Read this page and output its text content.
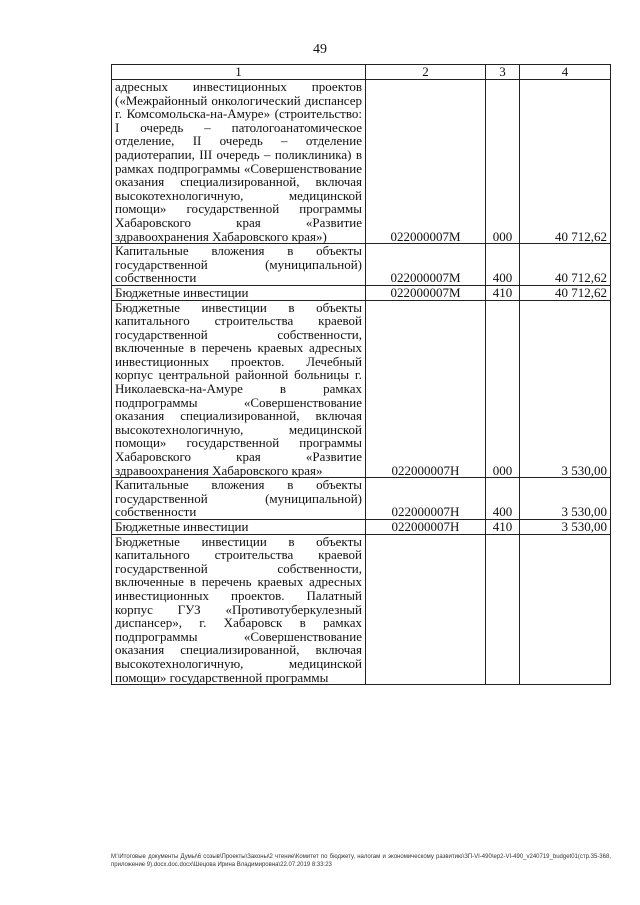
49
1	2	3	4
адресных инвестиционных проектов («Межрайонный онкологический диспансер г. Комсомольска-на-Амуре» (строительство: I очередь – патологоанатомическое отделение, II очередь – отделение радиотерапии, III очередь – поликлиника) в рамках подпрограммы «Совершенствование оказания специализированной, включая высокотехнологичную, медицинской помощи» государственной программы Хабаровского края «Развитие здравоохранения Хабаровского края»)	022000007М	000	40 712,62
Капитальные вложения в объекты государственной (муниципальной) собственности	022000007М	400	40 712,62
Бюджетные инвестиции	022000007М	410	40 712,62
Бюджетные инвестиции в объекты капитального строительства краевой государственной собственности, включенные в перечень краевых адресных инвестиционных проектов. Лечебный корпус центральной районной больницы г. Николаевска-на-Амуре в рамках подпрограммы «Совершенствование оказания специализированной, включая высокотехнологичную, медицинской помощи» государственной программы Хабаровского края «Развитие здравоохранения Хабаровского края»	022000007Н	000	3 530,00
Капитальные вложения в объекты государственной (муниципальной) собственности	022000007Н	400	3 530,00
Бюджетные инвестиции	022000007Н	410	3 530,00
Бюджетные инвестиции в объекты капитального строительства краевой государственной собственности, включенные в перечень краевых адресных инвестиционных проектов. Палатный корпус ГУЗ «Противотуберкулезный диспансер», г. Хабаровск в рамках подпрограммы «Совершенствование оказания специализированной, включая высокотехнологичную, медицинской помощи» государственной программы			
М:\Итоговые документы Думы\6 созыв\Проекты\Законы\2 чтение\Комитет по бюджету, налогам и экономическому развитию\ЗП-VI-490\ер2-VI-490_v240719_budget01(стр.35-368, приложение 9).docx.doc.docx\Шецова Ирина Владимировна\22.07.2019 8:33:23
